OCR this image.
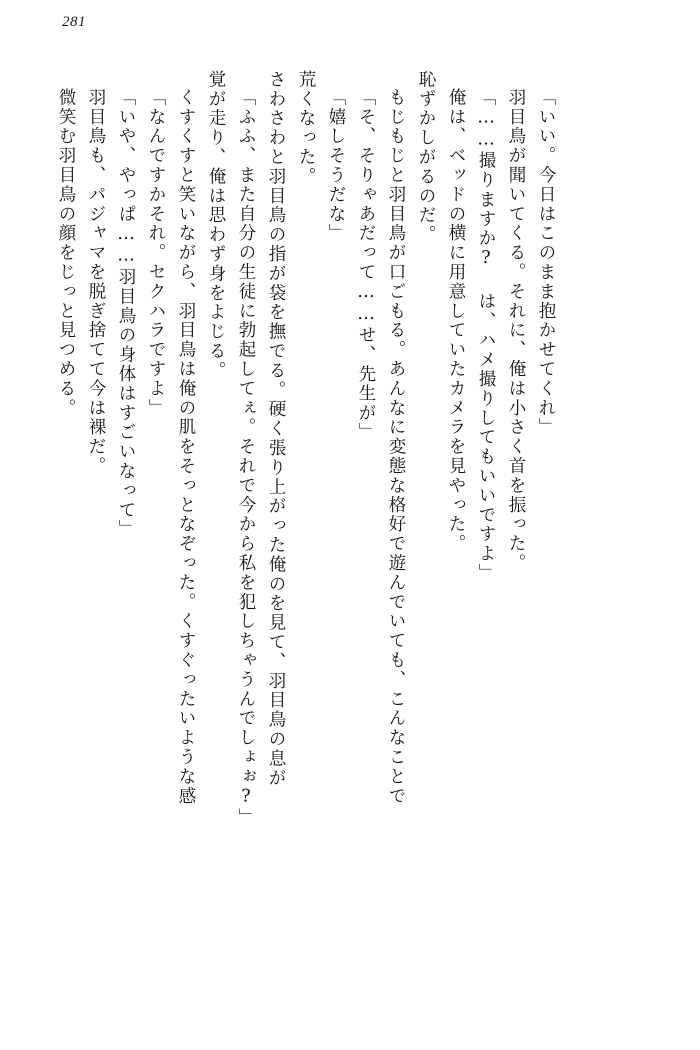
281
微笑む羽目鳥の顔をじっと見つめる。 羽目鳥も、パジャマを脱ぎ捨てて今は裸だ。 「いや、やっぱ……羽目鳥の身体はすごいなって」 「なんですかそれ。セクハラですよ」 くすくすと笑いながら、羽目鳥は俺の肌をそっとなぞった。くすぐったいような感 覚が走り、俺は思わず身をよじる。 「ふふ、また自分の生徒に勃起してぇ。それで今から私を犯しちゃうんでしょぉ?」 さわさわと羽目鳥の指が袋を撫でる。硬く張り上がった俺のを見て、羽目鳥の息が 荒くなった。 「嬉しそうだな」 「そ、そりゃあだって……せ、先生が」 もじもじと羽目鳥が口ごもる。あんなに変態な格好で遊んでいても、こんなことで 恥ずかしがるのだ。 俺は、ベッドの横に用意していたカメラを見やった。 「……撮りますか? は、ハメ撮りしてもいいですよ」 羽目鳥が聞いてくる。それに、俺は小さく首を振った。 「いい。今日はこのまま抱かせてくれ」
